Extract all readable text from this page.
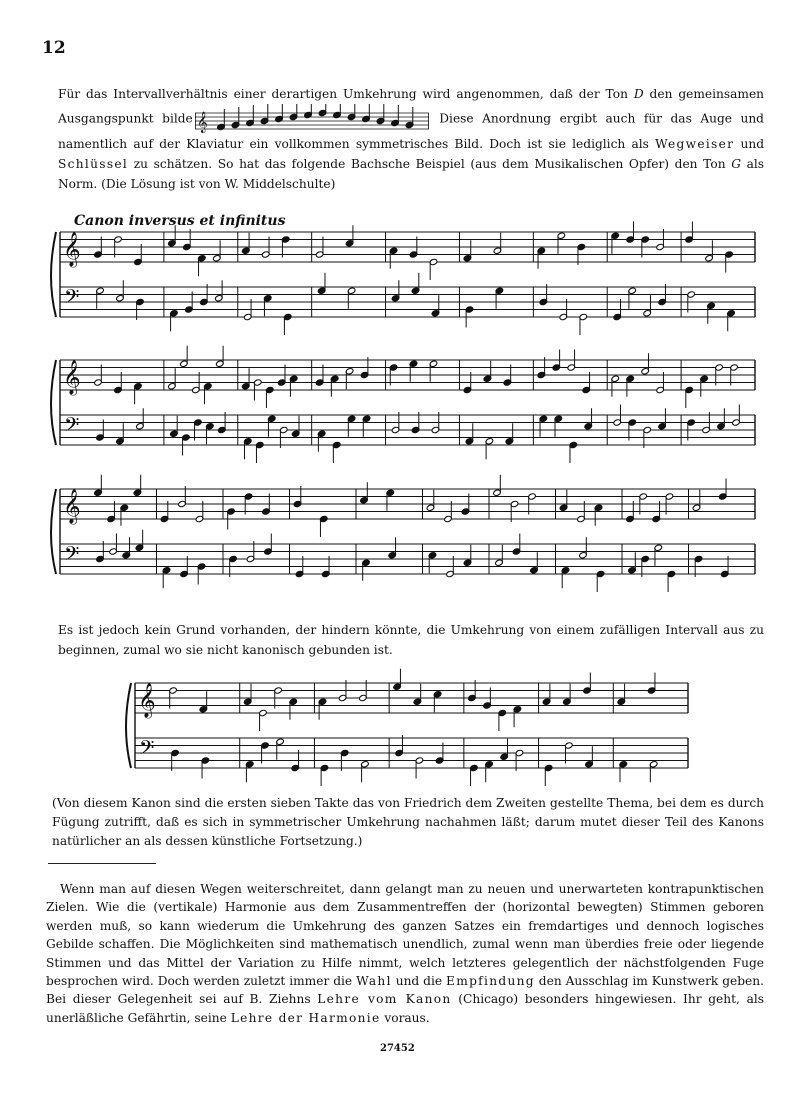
12

Für das Intervallverhältnis einer derartigen Umkehrung wird angenommen, daß der Ton D den gemeinsamen Ausgangspunkt bilde 𝄞	Diese Anordnung ergibt auch für das Auge und namentlich auf der Klaviatur ein vollkommen symmetrisches Bild. Doch ist sie lediglich als Wegweiser und Schlüssel zu schätzen. So hat das folgende Bachsche Beispiel (aus dem Musikalischen Opfer) den Ton G als Norm. (Die Lösung ist von W. Middelschulte)

Canon inversus et infinitus
𝄞
𝄢
𝄞
𝄢
𝄞
𝄢

Es ist jedoch kein Grund vorhanden, der hindern könnte, die Umkehrung von einem zufälligen Intervall aus zu beginnen, zumal wo sie nicht kanonisch gebunden ist.

𝄞
𝄢

(Von diesem Kanon sind die ersten sieben Takte das von Friedrich dem Zweiten gestellte Thema, bei dem es durch Fügung zutrifft, daß es sich in symmetrischer Umkehrung nachahmen läßt; darum mutet dieser Teil des Kanons natürlicher an als dessen künstliche Fortsetzung.)

Wenn man auf diesen Wegen weiterschreitet, dann gelangt man zu neuen und unerwarteten kontrapunktischen Zielen. Wie die (vertikale) Harmonie aus dem Zusammentreffen der (horizontal bewegten) Stimmen geboren werden muß, so kann wiederum die Umkehrung des ganzen Satzes ein fremdartiges und dennoch logisches Gebilde schaffen. Die Möglichkeiten sind mathematisch unendlich, zumal wenn man überdies freie oder liegende Stimmen und das Mittel der Variation zu Hilfe nimmt, welch letzteres gelegentlich der nächstfolgenden Fuge besprochen wird. Doch werden zuletzt immer die Wahl und die Empfindung den Ausschlag im Kunstwerk geben. Bei dieser Gelegenheit sei auf B. Ziehns Lehre vom Kanon (Chicago) besonders hingewiesen. Ihr geht, als unerläßliche Gefährtin, seine Lehre der Harmonie voraus.

27452
